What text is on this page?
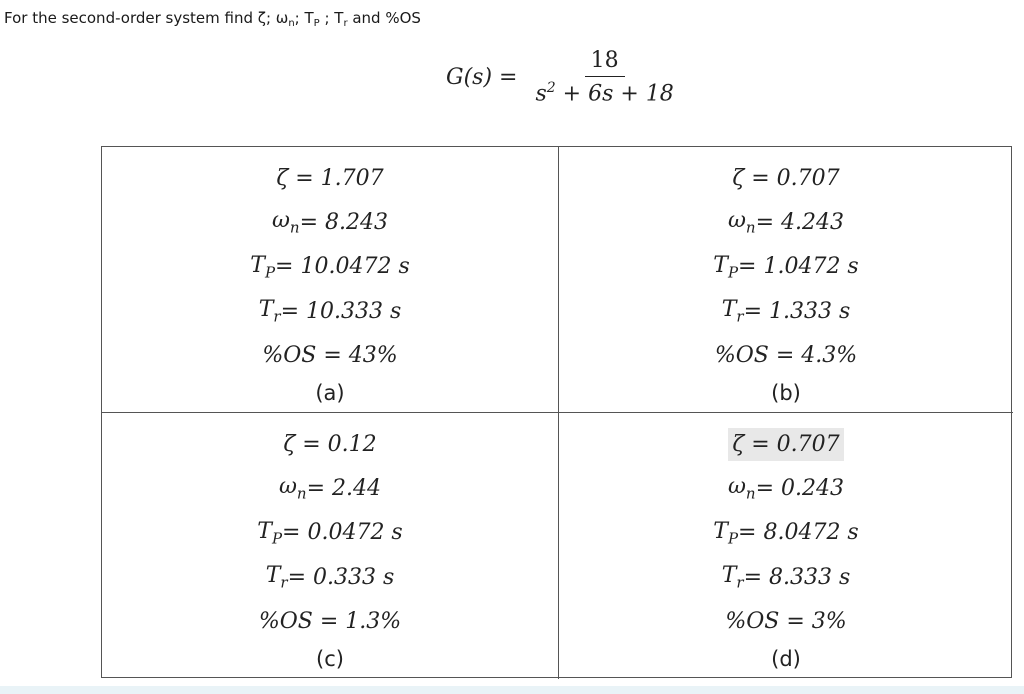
For the second-order system find ζ; $\omega_n$; $T_P$ ; $T_r$ and %OS
$G(s) = \frac{18}{s^2 + 6s + 18}$
ζ = 1.707
$\omega_n = 8.243$
$T_P = 10.0472$ s
$T_r = 10.333$ s
%OS = 43%
(a)
ζ = 0.707
$\omega_n = 4.243$
$T_P = 1.0472$ s
$T_r = 1.333$ s
%OS = 4.3%
(b)
ζ = 0.12
$\omega_n = 2.44$
$T_P = 0.0472$ s
$T_r = 0.333$ s
%OS = 1.3%
(c)
ζ = 0.707
$\omega_n = 0.243$
$T_P = 8.0472$ s
$T_r = 8.333$ s
%OS = 3%
(d)
